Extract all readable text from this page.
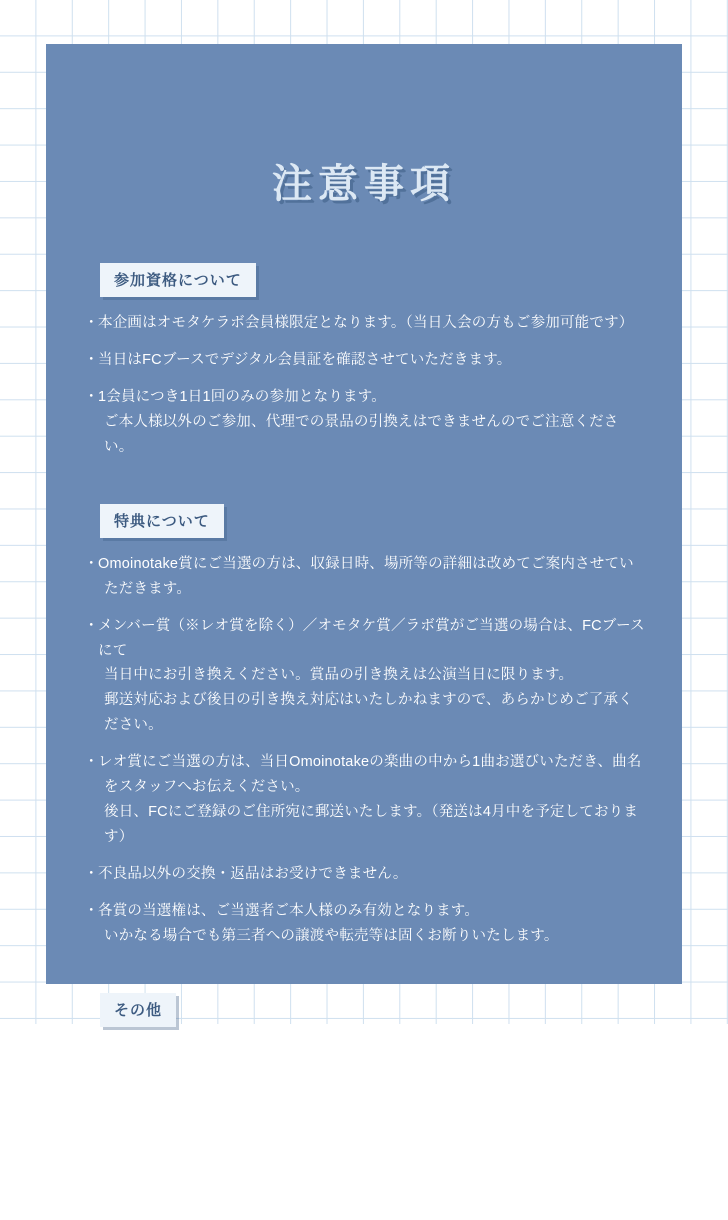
注意事項
参加資格について
・ 本企画はオモタケラボ会員様限定となります。（当日入会の方もご参加可能です）
・ 当日はFCブースでデジタル会員証を確認させていただきます。
・ 1会員につき1日1回のみの参加となります。
ご本人様以外のご参加、代理での景品の引換えはできませんのでご注意ください。
特典について
・ Omoinotake賞にご当選の方は、収録日時、場所等の詳細は改めてご案内させてい
ただきます。
・ メンバー賞（※レオ賞を除く）／オモタケ賞／ラボ賞がご当選の場合は、FCブースにて
当日中にお引き換えください。賞品の引き換えは公演当日に限ります。
郵送対応および後日の引き換え対応はいたしかねますので、あらかじめご了承ください。
・ レオ賞にご当選の方は、当日Omoinotakeの楽曲の中から1曲お選びいただき、曲名
をスタッフへお伝えください。
後日、FCにご登録のご住所宛に郵送いたします。（発送は4月中を予定しております）
・ 不良品以外の交換・返品はお受けできません。
・ 各賞の当選権は、ご当選者ご本人様のみ有効となります。
いかなる場合でも第三者への譲渡や転売等は固くお断りいたします。
その他
・ 当日は係員およびスタッフの指示に従ってください。
従っていただけない場合、引き換えをお断りすることもございます。
・ 景品は無くなり次第終了となります。あらかじめご了承ください。
